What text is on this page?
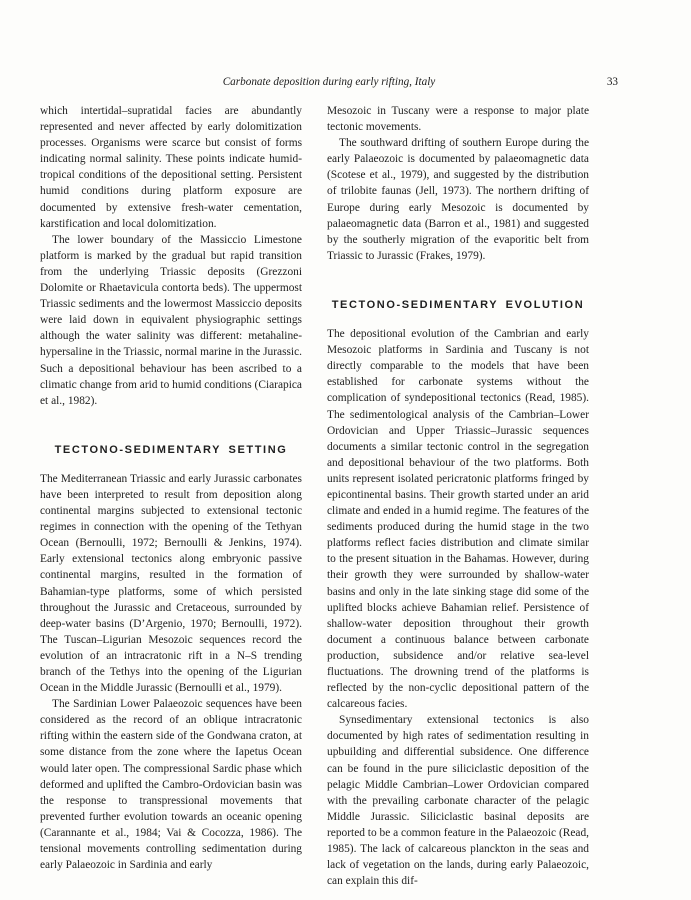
Carbonate deposition during early rifting, Italy	33

which intertidal–supratidal facies are abundantly represented and never affected by early dolomitization processes. Organisms were scarce but consist of forms indicating normal salinity. These points indicate humid-tropical conditions of the depositional setting. Persistent humid conditions during platform exposure are documented by extensive fresh-water cementation, karstification and local dolomitization.

The lower boundary of the Massiccio Limestone platform is marked by the gradual but rapid transition from the underlying Triassic deposits (Grezzoni Dolomite or Rhaetavicula contorta beds). The uppermost Triassic sediments and the lowermost Massiccio deposits were laid down in equivalent physiographic settings although the water salinity was different: metahaline-hypersaline in the Triassic, normal marine in the Jurassic. Such a depositional behaviour has been ascribed to a climatic change from arid to humid conditions (Ciarapica et al., 1982).

TECTONO-SEDIMENTARY SETTING

The Mediterranean Triassic and early Jurassic carbonates have been interpreted to result from deposition along continental margins subjected to extensional tectonic regimes in connection with the opening of the Tethyan Ocean (Bernoulli, 1972; Bernoulli & Jenkins, 1974). Early extensional tectonics along embryonic passive continental margins, resulted in the formation of Bahamian-type platforms, some of which persisted throughout the Jurassic and Cretaceous, surrounded by deep-water basins (D’Argenio, 1970; Bernoulli, 1972). The Tuscan–Ligurian Mesozoic sequences record the evolution of an intracratonic rift in a N–S trending branch of the Tethys into the opening of the Ligurian Ocean in the Middle Jurassic (Bernoulli et al., 1979).

The Sardinian Lower Palaeozoic sequences have been considered as the record of an oblique intracratonic rifting within the eastern side of the Gondwana craton, at some distance from the zone where the Iapetus Ocean would later open. The compressional Sardic phase which deformed and uplifted the Cambro-Ordovician basin was the response to transpressional movements that prevented further evolution towards an oceanic opening (Carannante et al., 1984; Vai & Cocozza, 1986). The tensional movements controlling sedimentation during early Palaeozoic in Sardinia and early

Mesozoic in Tuscany were a response to major plate tectonic movements.

The southward drifting of southern Europe during the early Palaeozoic is documented by palaeomagnetic data (Scotese et al., 1979), and suggested by the distribution of trilobite faunas (Jell, 1973). The northern drifting of Europe during early Mesozoic is documented by palaeomagnetic data (Barron et al., 1981) and suggested by the southerly migration of the evaporitic belt from Triassic to Jurassic (Frakes, 1979).

TECTONO-SEDIMENTARY EVOLUTION

The depositional evolution of the Cambrian and early Mesozoic platforms in Sardinia and Tuscany is not directly comparable to the models that have been established for carbonate systems without the complication of syndepositional tectonics (Read, 1985). The sedimentological analysis of the Cambrian–Lower Ordovician and Upper Triassic–Jurassic sequences documents a similar tectonic control in the segregation and depositional behaviour of the two platforms. Both units represent isolated pericratonic platforms fringed by epicontinental basins. Their growth started under an arid climate and ended in a humid regime. The features of the sediments produced during the humid stage in the two platforms reflect facies distribution and climate similar to the present situation in the Bahamas. However, during their growth they were surrounded by shallow-water basins and only in the late sinking stage did some of the uplifted blocks achieve Bahamian relief. Persistence of shallow-water deposition throughout their growth document a continuous balance between carbonate production, subsidence and/or relative sea-level fluctuations. The drowning trend of the platforms is reflected by the non-cyclic depositional pattern of the calcareous facies.

Synsedimentary extensional tectonics is also documented by high rates of sedimentation resulting in upbuilding and differential subsidence. One difference can be found in the pure siliciclastic deposition of the pelagic Middle Cambrian–Lower Ordovician compared with the prevailing carbonate character of the pelagic Middle Jurassic. Siliciclastic basinal deposits are reported to be a common feature in the Palaeozoic (Read, 1985). The lack of calcareous planckton in the seas and lack of vegetation on the lands, during early Palaeozoic, can explain this dif-
